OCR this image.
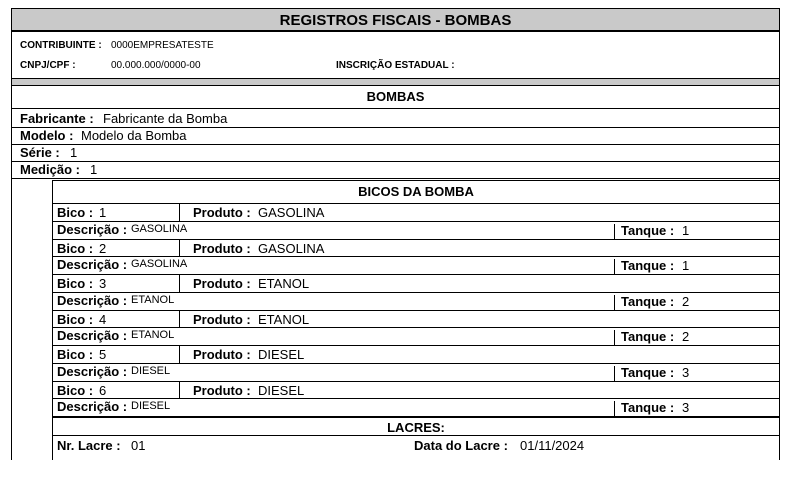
REGISTROS FISCAIS - BOMBAS
CONTRIBUINTE : 0000EMPRESATESTE
CNPJ/CPF :	00.000.000/0000-00	INSCRIÇÃO ESTADUAL :
BOMBAS
Fabricante : Fabricante da Bomba
Modelo : Modelo da Bomba
Série : 1
Medição : 1
BICOS DA BOMBA
Bico : 1	Produto : GASOLINA
Descrição : GASOLINA	Tanque : 1
Bico : 2	Produto : GASOLINA
Descrição : GASOLINA	Tanque : 1
Bico : 3	Produto : ETANOL
Descrição : ETANOL	Tanque : 2
Bico : 4	Produto : ETANOL
Descrição : ETANOL	Tanque : 2
Bico : 5	Produto : DIESEL
Descrição : DIESEL	Tanque : 3
Bico : 6	Produto : DIESEL
Descrição : DIESEL	Tanque : 3
LACRES:
Nr. Lacre : 01	Data do Lacre : 01/11/2024
